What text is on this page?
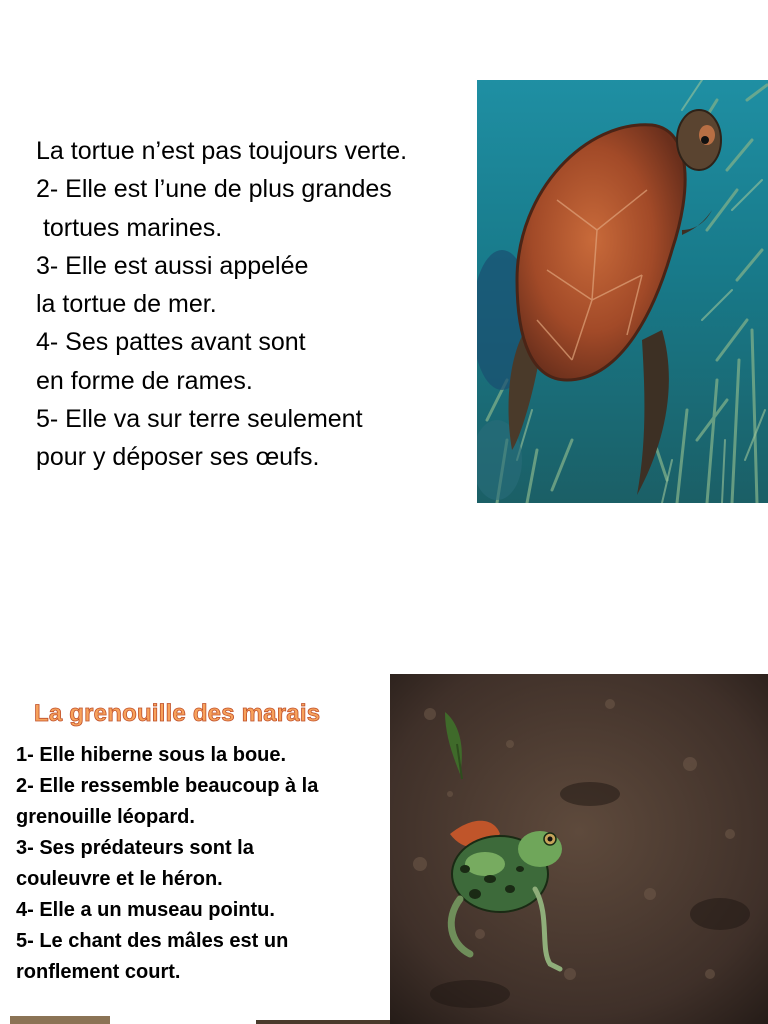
La tortue n’est pas toujours verte.
2- Elle est l’une de plus grandes
tortues marines.
3- Elle est aussi appelée
la tortue de mer.
4- Ses pattes avant sont
en forme de rames.
5- Elle va sur terre seulement
pour y déposer ses œufs.
La grenouille des marais
1- Elle hiberne sous la boue.
2- Elle ressemble beaucoup à la
grenouille léopard.
3- Ses prédateurs sont la
couleuvre et le héron.
4- Elle a un museau pointu.
5- Le chant des mâles est un
ronflement court.
